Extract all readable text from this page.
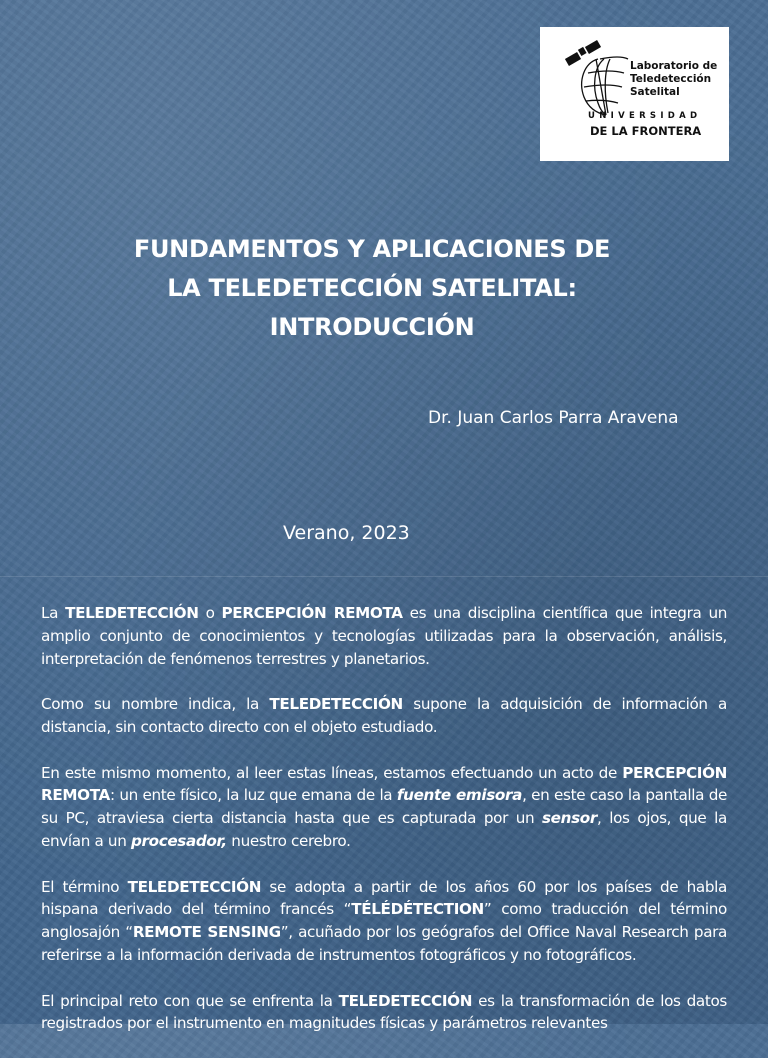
Laboratorio de
Teledetección
Satelital
UNIVERSIDAD
DE LA FRONTERA
FUNDAMENTOS Y APLICACIONES DE
LA TELEDETECCIÓN SATELITAL:
INTRODUCCIÓN
Dr. Juan Carlos Parra Aravena
Verano, 2023

La TELEDETECCIÓN o PERCEPCIÓN REMOTA es una disciplina científica que integra un amplio conjunto de conocimientos y tecnologías utilizadas para la observación, análisis, interpretación de fenómenos terrestres y planetarios.

Como su nombre indica, la TELEDETECCIÓN supone la adquisición de información a distancia, sin contacto directo con el objeto estudiado.

En este mismo momento, al leer estas líneas, estamos efectuando un acto de PERCEPCIÓN REMOTA: un ente físico, la luz que emana de la fuente emisora, en este caso la pantalla de su PC, atraviesa cierta distancia hasta que es capturada por un sensor, los ojos, que la envían a un procesador, nuestro cerebro.

El término TELEDETECCIÓN se adopta a partir de los años 60 por los países de habla hispana derivado del término francés “TÉLÉDÉTECTION” como traducción del término anglosajón “REMOTE SENSING”, acuñado por los geógrafos del Office Naval Research para referirse a la información derivada de instrumentos fotográficos y no fotográficos.

El principal reto con que se enfrenta la TELEDETECCIÓN es la transformación de los datos registrados por el instrumento en magnitudes físicas y parámetros relevantes
